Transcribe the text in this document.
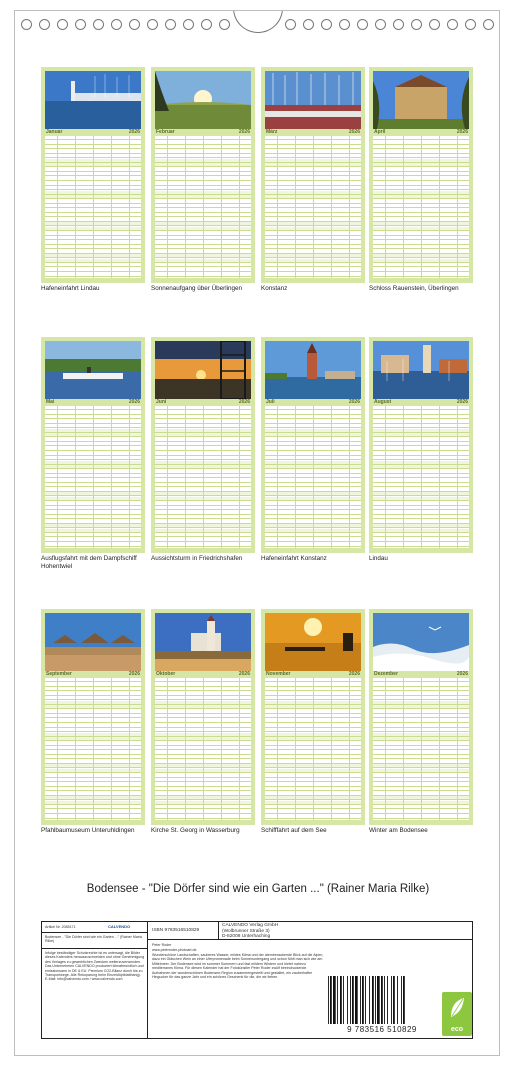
Januar	2026
Hafeneinfahrt Lindau
Februar	2026
Sonnenaufgang über Überlingen
März	2026
Konstanz
April	2026
Schloss Rauenstein, Überlingen
Mai	2026
Ausflugsfahrt mit dem Dampfschiff Hohentwiel
Juni	2026
Aussichtsturm in Friedrichshafen
Juli	2026
Hafeneinfahrt Konstanz
August	2026
Lindau
September	2026
Pfahlbaumuseum Unteruhldingen
Oktober	2026
Kirche St. Georg in Wasserburg
November	2026
Schifffahrt auf dem See
Dezember	2026
Winter am Bodensee
Bodensee - "Die Dörfer sind wie ein Garten ..." (Rainer Maria Rilke)
Artikel Nr. 2085171	CALVENDO
Bodensee - "Die Dörfer sind wie ein Garten ..." (Rainer Maria Rilke)
Infolge beständiger Schutzrechte ist es untersagt, die Bilder dieses Kalenders herauszuschneiden und ohne Genehmigung des Verlages zu gewerblichen Zwecken weiterzuverwenden. Das Unternehmen CALVENDO produziert klimafreundlich und emissionsarm in DE & EU. Premium CO2-Bilanz durch bis zu Transportwege. Alle Rekoparung beim Einzeldüptblatthang). E-Mail: info@calvendo.com / www.calvendo.com
ISBN 9783516510829
CALVENDO Verlag GmbH
(Wolbrunner Straße 3)
D-82008 Unterhaching
Peter Roder
www.peterroder-photoart.de
Wunderschöne Landschaften, sauberes Wasser, mildes Klima und der atemberaubende Blick auf die Alpen, dazu ein Gläschen Wein an einer Uferpromenade beim Sonnenuntergang und schon fühlt man sich wie am Mittelmeer. Der Bodensee wird im sommer Sommern und fast mildem Wintern und bietet nahezu mediterranes Klima. Für diesen Kalender hat der Fotokünstler Peter Roder zwölf beeindruckende Aufnahmen der wunderschönen Bodensee-Region zusammengestellt und gestaltet, ein zauberhafter Hingucker für das ganze Jahr und ein schönes Geschenk für die, die wir lieben.
9 783516 510829	eco
